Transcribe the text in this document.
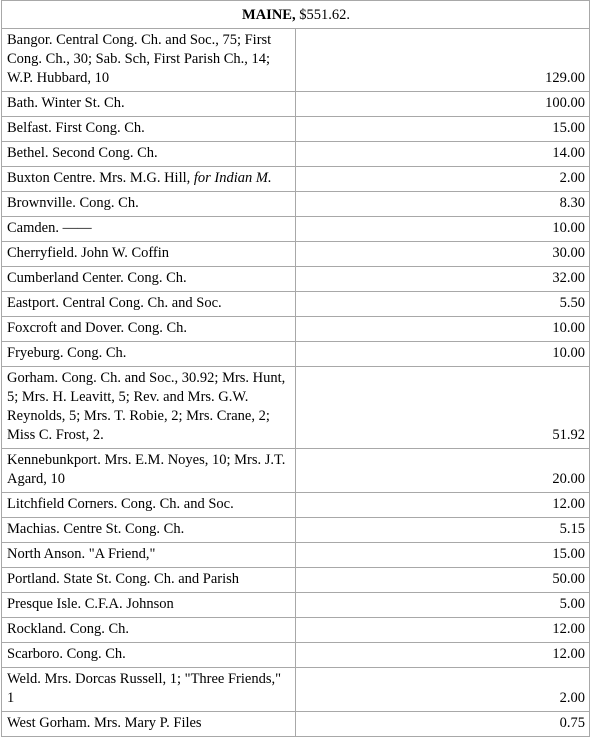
MAINE, $551.62.	
Bangor. Central Cong. Ch. and Soc., 75; First Cong. Ch., 30; Sab. Sch, First Parish Ch., 14; W.P. Hubbard, 10	129.00
Bath. Winter St. Ch.	100.00
Belfast. First Cong. Ch.	15.00
Bethel. Second Cong. Ch.	14.00
Buxton Centre. Mrs. M.G. Hill, for Indian M.	2.00
Brownville. Cong. Ch.	8.30
Camden. ——	10.00
Cherryfield. John W. Coffin	30.00
Cumberland Center. Cong. Ch.	32.00
Eastport. Central Cong. Ch. and Soc.	5.50
Foxcroft and Dover. Cong. Ch.	10.00
Fryeburg. Cong. Ch.	10.00
Gorham. Cong. Ch. and Soc., 30.92; Mrs. Hunt, 5; Mrs. H. Leavitt, 5; Rev. and Mrs. G.W. Reynolds, 5; Mrs. T. Robie, 2; Mrs. Crane, 2; Miss C. Frost, 2.	51.92
Kennebunkport. Mrs. E.M. Noyes, 10; Mrs. J.T. Agard, 10	20.00
Litchfield Corners. Cong. Ch. and Soc.	12.00
Machias. Centre St. Cong. Ch.	5.15
North Anson. "A Friend,"	15.00
Portland. State St. Cong. Ch. and Parish	50.00
Presque Isle. C.F.A. Johnson	5.00
Rockland. Cong. Ch.	12.00
Scarboro. Cong. Ch.	12.00
Weld. Mrs. Dorcas Russell, 1; "Three Friends," 1	2.00
West Gorham. Mrs. Mary P. Files	0.75
